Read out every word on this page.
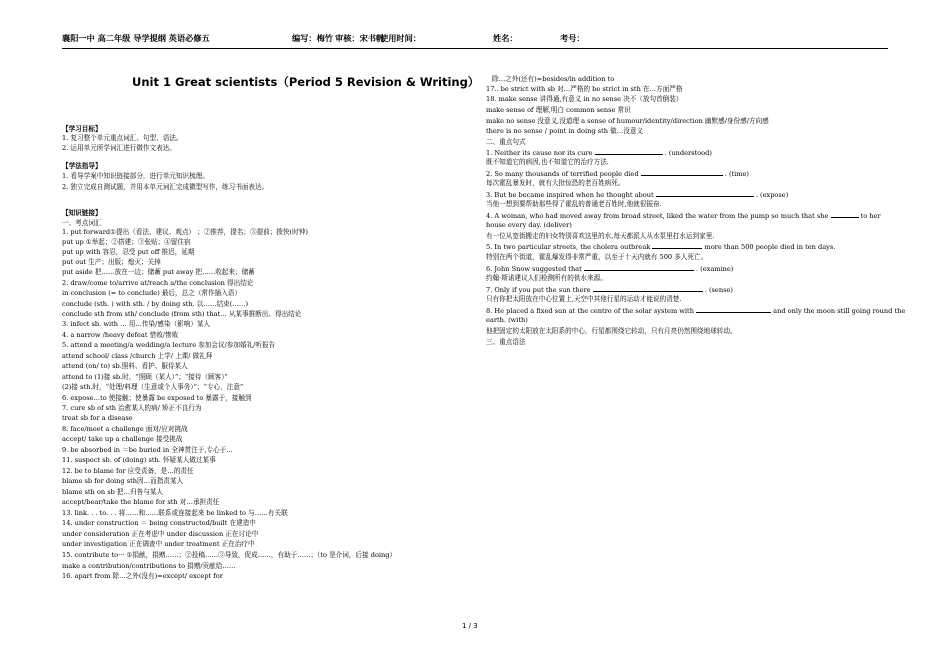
襄阳一中 高二年级 导学提纲 英语必修五	编写：梅竹 审核：宋书帆
使用时间：	姓名：	考号：
Unit 1 Great scientists（Period 5 Revision & Writing）
【学习目标】
1. 复习整个单元重点词汇、句型、语法。
2. 运用单元所学词汇进行微作文表达。
【学法指导】
1. 看导学案中知识链接部分，进行单元知识梳理。
2. 独立完成自测试题，并用本单元词汇完成微型写作，练习书面表达。
【知识链接】
一、考点词汇
1. put forward①提出（看法、建议、观点） ；②推荐，提名；③提前；拨快(时钟)
put up ①举起；②搭建；③张贴；④留住宿
put up with 容忍，忍受 put off 推迟，延期
put out 生产；出版；熄灭；关掉
put aside 把……放在一边；储蓄 put away 把……收起来；储蓄
2. draw/come to/arrive at/reach a/the conclusion 得出结论
in conclusion (= to conclude) 最后，总之（常作插入语）
conclude (sth. ) with sth. / by doing sth. 以……结束(……)
conclude sth from sth/ conclude (from sth) that… 从某事推断出、得出结论
3. infect sb. with … 用…传染/感染（影响）某人
4. a narrow /heavy defeat 惜败/惨败
5. attend a meeting/a wedding/a lecture 参加会议/参加婚礼/听报告
attend school/ class /church 上学/ 上课/ 做礼拜
attend (on/ to) sb.照料、看护、服侍某人
attend to (1)接 sb.时，“照顾（某人）”；“接待（顾客）”
(2)接 sth.时，“处理/料理（生意或个人事务）”；“专心，注意”
6. expose…to 使接触；使暴露 be exposed to 暴露于，接触到
7. cure sb of sth 治愈某人的病/ 矫正不良行为
treat sb for a disease
8. face/meet a challenge 面对/应对挑战
accept/ take up a challenge 接受挑战
9. be absorbed in ＝be buried in 全神贯注于,专心于...
11. suspect sb. of (doing) sth. 怀疑某人做过某事
12. be to blame for 应受责备，是…的责任
blame sb for doing sth因…而指责某人
blame sth on sb 把…归咎与某人
accept/bear/take the blame for sth 对…承担责任
13. link. . . to. . . 将……和……联系或连接起来 be linked to 与……有关联
14. under construction ＝ being constructed/built 在建造中
under consideration 正在考虑中 under discussion 正在讨论中
under investigation 正在调查中 under treatment 正在治疗中
15. contribute to··· ①捐献，捐赠……；②投稿……③导致，促成……，有助于……；（to 是介词，后接 doing）
make a contribution/contributions to 捐赠/贡献给……
16. apart from 除…之外(没有)=except/ except for
除…之外(还有)=besides/in addition to
17.. be strict with sb 对…严格的 be strict in sth 在…方面严格
18. make sense 讲得通,有意义 in no sense 决不（放句首倒装）
make sense of 理解,明白 common sense 常识
make no sense 没意义,没道理 a sense of humour/identity/direction 幽默感/身份感/方向感
there is no sense / point in doing sth 做…没意义
二、重点句式
1. Neither its cause nor its cure	. (understood)
既不知道它的病因,也不知道它的治疗方法.
2. So many thousands of terrified people died	. (time)
每次霍乱暴发时，就有大批惊恐的老百姓病死。
3. But he became inspired when he thought about	. (expose)
当他一想到要帮助那些得了霍乱的普通老百姓时,他就很振奋.
4. A woman, who had moved away from broad street, liked the water from the pump so much that she	to her
house every day. (deliver)
有一位从宽街搬走的妇女特别喜欢这里的水,每天都派人从水泵里打水运到家里.
5. In two particular streets, the cholera outbreak	more than 500 people died in ten days.
特别在两个街道，霍乱爆发得非常严重，以至于十天内就有 500 多人死亡。
6. John Snow suggested that	. (examine)
约翰·斯诺建议人们检测所有的供水来源。
7. Only if you put the sun there	. (sense)
只有你把太阳放在中心位置上,天空中其他行星的运动才能说的清楚.
8. He placed a fixed sun at the centre of the solar system with	and only the moon still going round the
earth. (with)
他把固定的太阳放在太阳系的中心，行星都围绕它转动，只有月亮仍然围绕地球转动。
三、重点语法
1 / 3
